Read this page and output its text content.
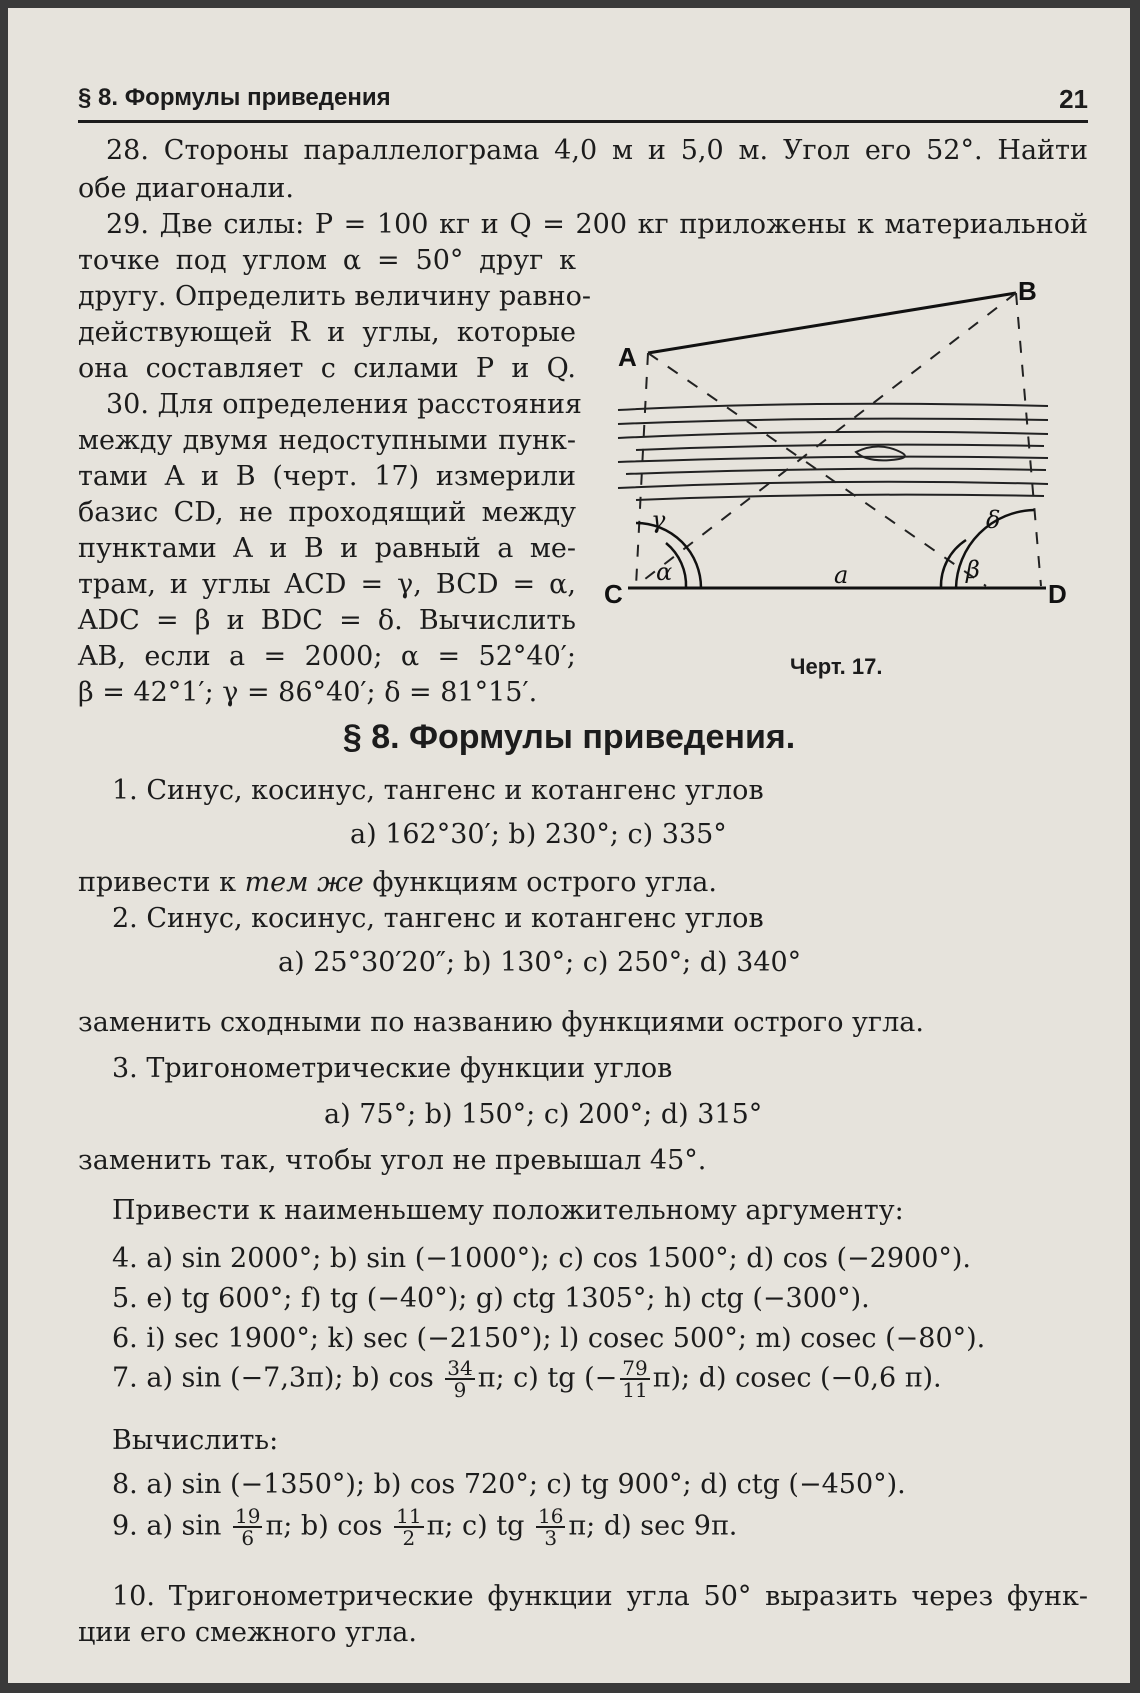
§ 8. Формулы приведения	21
28. Стороны параллелограма 4,0 м и 5,0 м. Угол его 52°. Найти
обе диагонали.
29. Две силы: P = 100 кг и Q = 200 кг приложены к материальной
точке под углом α = 50° друг к
другу. Определить величину равно-
действующей R и углы, которые
она составляет с силами P и Q.
30. Для определения расстояния
между двумя недоступными пунк-
тами A и B (черт. 17) измерили
базис CD, не проходящий между
пунктами A и B и равный a ме-
трам, и углы ACD = γ, BCD = α,
ADC = β и BDC = δ. Вычислить
AB, если a = 2000; α = 52°40′;
β = 42°1′; γ = 86°40′; δ = 81°15′.
A
B
C	D
a
α	β
γ	δ
Черт. 17.
§ 8. Формулы приведения.
1. Синус, косинус, тангенс и котангенс углов
a) 162°30′; b) 230°; c) 335°
привести к тем же функциям острого угла.
2. Синус, косинус, тангенс и котангенс углов
a) 25°30′20″; b) 130°; c) 250°; d) 340°
заменить сходными по названию функциями острого угла.
3. Тригонометрические функции углов
a) 75°; b) 150°; c) 200°; d) 315°
заменить так, чтобы угол не превышал 45°.
Привести к наименьшему положительному аргументу:
4. a) sin 2000°; b) sin (−1000°); c) cos 1500°; d) cos (−2900°).
5. e) tg 600°; f) tg (−40°); g) ctg 1305°; h) ctg (−300°).
6. i) sec 1900°; k) sec (−2150°); l) cosec 500°; m) cosec (−80°).
7. a) sin (−7,3π); b) $\cos \frac{34}{9} \pi$; c) tg (− $\frac{79}{11} \pi$); d) cosec (−0,6 π).
Вычислить:
8. a) sin (−1350°); b) cos 720°; c) tg 900°; d) ctg (−450°).
9. a) $\sin \frac{19}{6} \pi$; b) $\cos \frac{11}{2} \pi$; c) tg $\frac{16}{3} \pi$; d) sec 9π.
10. Тригонометрические функции угла 50° выразить через функ-
ции его смежного угла.
